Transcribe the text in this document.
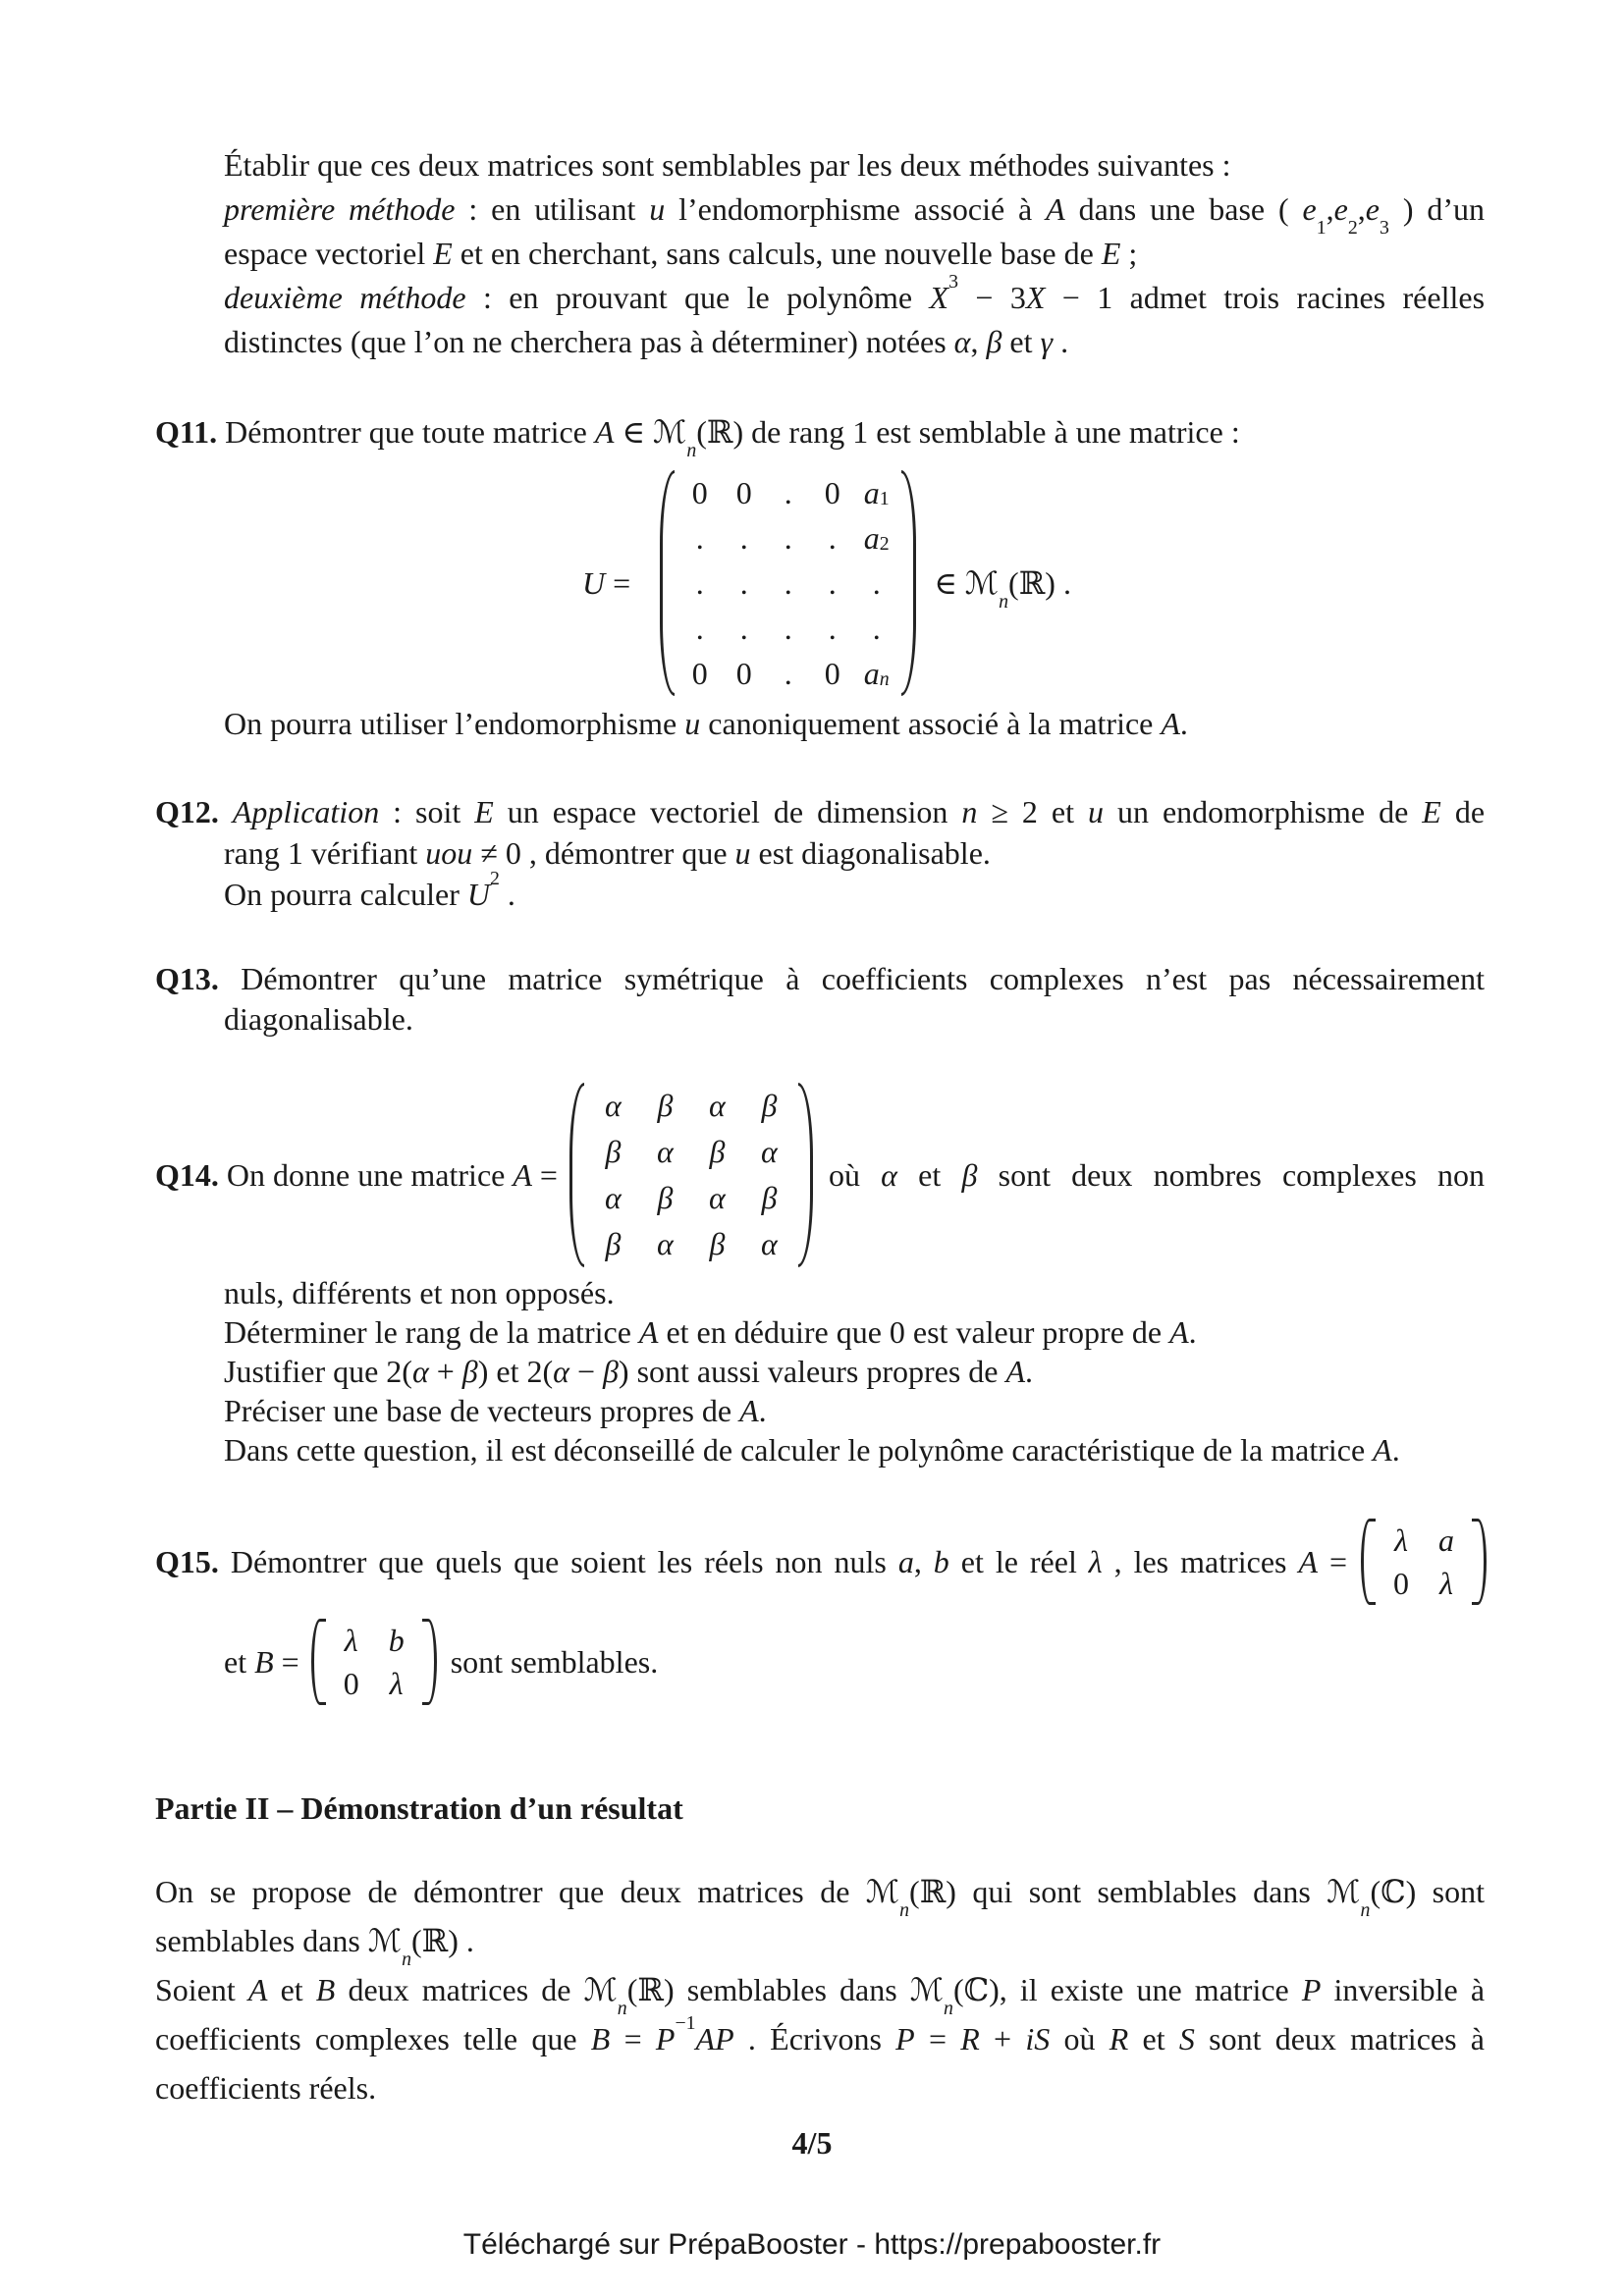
Établir que ces deux matrices sont semblables par les deux méthodes suivantes :
première méthode : en utilisant u l’endomorphisme associé à A dans une base ( $e_1,e_2,e_3$ ) d’un
espace vectoriel E et en cherchant, sans calculs, une nouvelle base de E ;
deuxième méthode : en prouvant que le polynôme $X^3 - 3X - 1$ admet trois racines réelles
distinctes (que l’on ne cherchera pas à déterminer) notées α, β et γ .
Q11. Démontrer que toute matrice A ∈ ℳ$_n$(ℝ) de rang 1 est semblable à une matrice :
U =
0 0 . 0 $a_1$
. . . . $a_2$
. . . . .
. . . . .
0 0 . 0 a $_n$
∈ ℳ$_n$(ℝ) .
On pourra utiliser l’endomorphisme u canoniquement associé à la matrice A.
Q12. Application : soit E un espace vectoriel de dimension n ≥ 2 et u un endomorphisme de E de
rang 1 vérifiant uou ≠ 0 , démontrer que u est diagonalisable.
On pourra calculer $U^2$ .
Q13. Démontrer qu’une matrice symétrique à coefficients complexes n’est pas nécessairement
diagonalisable.
Q14. On donne une matrice A =
α β α β
β α β α
α β α β
β α β α
où α et β sont deux nombres complexes non
nuls, différents et non opposés.
Déterminer le rang de la matrice A et en déduire que 0 est valeur propre de A.
Justifier que 2(α + β) et 2(α − β) sont aussi valeurs propres de A.
Préciser une base de vecteurs propres de A.
Dans cette question, il est déconseillé de calculer le polynôme caractéristique de la matrice A.
Q15. Démontrer que quels que soient les réels non nuls a, b et le réel λ , les matrices A =
λ a
0 λ
et B =
λ b
0 λ
sont semblables.
Partie II – Démonstration d’un résultat
On se propose de démontrer que deux matrices de ℳ$_n$(ℝ) qui sont semblables dans ℳ$_n$(ℂ) sont
semblables dans ℳ$_n$(ℝ) .
Soient A et B deux matrices de ℳ$_n$(ℝ) semblables dans ℳ$_n$(ℂ), il existe une matrice P inversible à
coefficients complexes telle que $B = P^{-1}AP$ . Écrivons P = R + iS où R et S sont deux matrices à
coefficients réels.
4/5
Téléchargé sur PrépaBooster - https://prepabooster.fr
